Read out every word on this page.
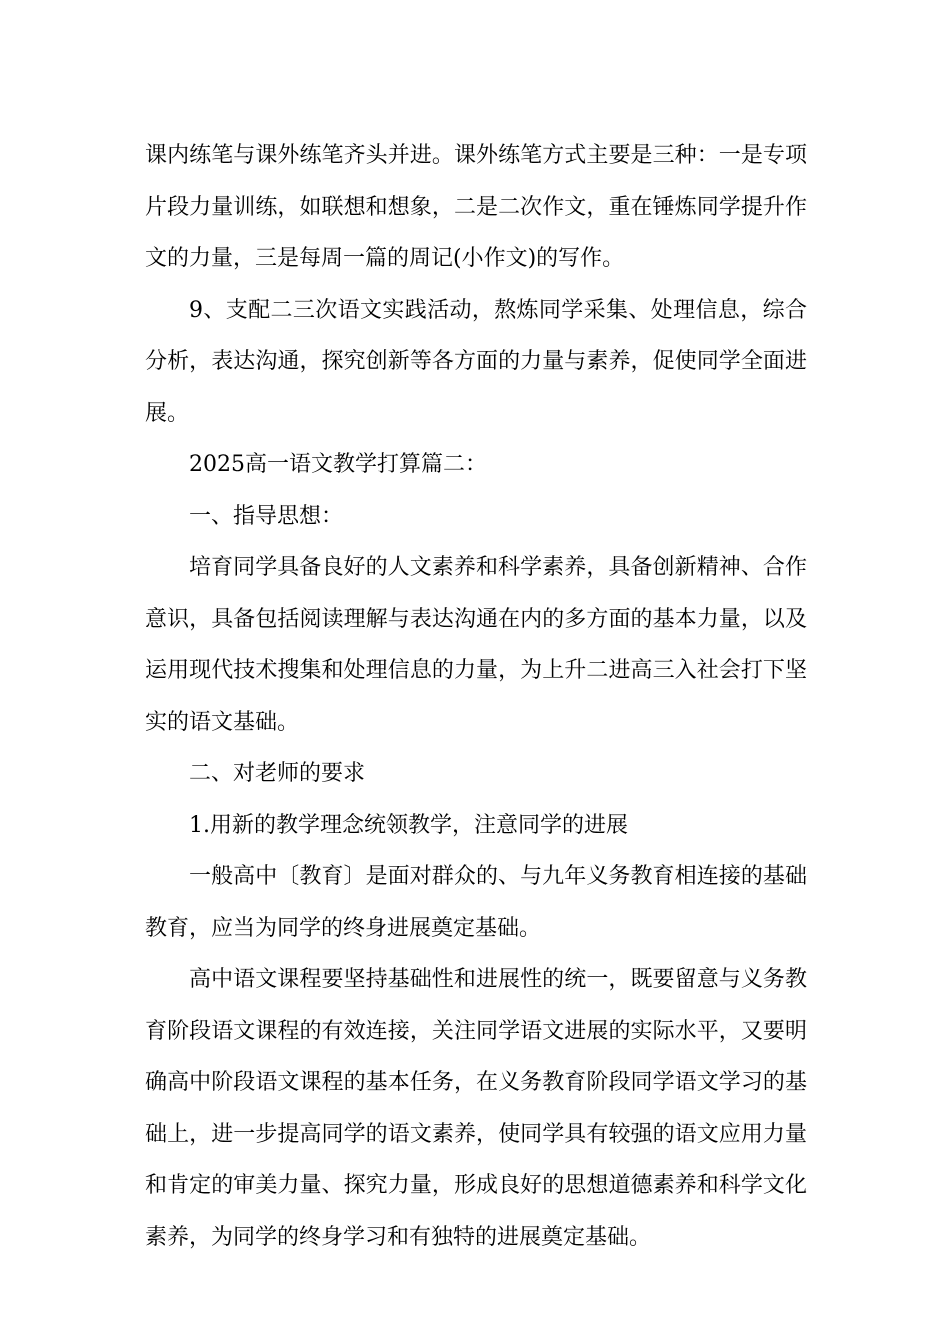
课内练笔与课外练笔齐头并进。课外练笔方式主要是三种：一是专项片段力量训练，如联想和想象，二是二次作文，重在锤炼同学提升作文的力量，三是每周一篇的周记(小作文)的写作。

9、支配二三次语文实践活动，熬炼同学采集、处理信息，综合分析，表达沟通，探究创新等各方面的力量与素养，促使同学全面进展。

2025高一语文教学打算篇二：

一、指导思想：

培育同学具备良好的人文素养和科学素养，具备创新精神、合作意识，具备包括阅读理解与表达沟通在内的多方面的基本力量，以及运用现代技术搜集和处理信息的力量，为上升二进高三入社会打下坚实的语文基础。

二、对老师的要求

1.用新的教学理念统领教学，注意同学的进展

一般高中〔教育〕是面对群众的、与九年义务教育相连接的基础教育，应当为同学的终身进展奠定基础。

高中语文课程要坚持基础性和进展性的统一，既要留意与义务教育阶段语文课程的有效连接，关注同学语文进展的实际水平，又要明确高中阶段语文课程的基本任务，在义务教育阶段同学语文学习的基础上，进一步提高同学的语文素养，使同学具有较强的语文应用力量和肯定的审美力量、探究力量，形成良好的思想道德素养和科学文化素养，为同学的终身学习和有独特的进展奠定基础。
